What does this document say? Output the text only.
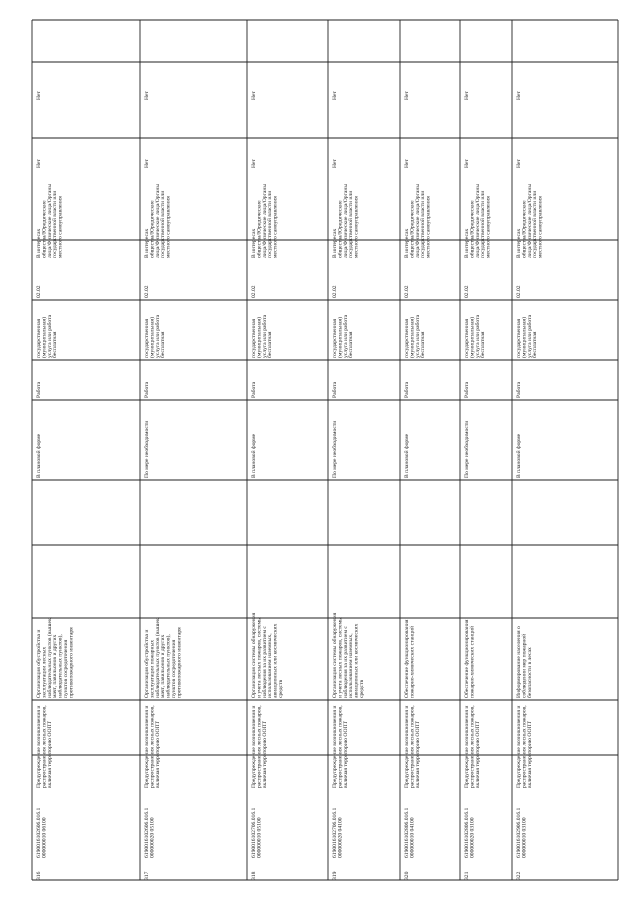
316
6190016102606.016.1 000000010 06100
Предупреждение возникновения и распространения лесных пожаров, включая территорию ООПТ
Организация обустройства и эксплуатации лесных наблюдательных пунктов (вышек, мачт, павильонов и других наблюдательных пунктов), пунктов сосредоточения противопожарного инвентаря
В плановой форме
Работа
государственная (муниципальная) услуга или работа бесплатная
02.02
В интересах общества/Юридические лица/Физические лица/Органы государственной власти или местного самоуправления
Нет
Нет
317
6190016102606.016.1 000000020 05100
Предупреждение возникновения и распространения лесных пожаров, включая территорию ООПТ
Организация обустройства и эксплуатации пожарных наблюдательных пунктов (вышек, мачт, павильонов и других наблюдательных пунктов), пунктов сосредоточения противопожарного инвентаря
По мере необходимости
Работа
государственная (муниципальная) услуга или работа бесплатная
02.02
В интересах общества/Юридические лица/Физические лица/Органы государственной власти или местного самоуправления
Нет
Нет
318
6190016102706.016.1 000000010 05100
Предупреждение возникновения и распространения лесных пожаров, включая территорию ООПТ
Организация системы обнаружения и учета лесных пожаров, системы наблюдения за их развитием с использованием наземных, авиационных или космических средств
В плановой форме
Работа
государственная (муниципальная) услуга или работа бесплатная
02.02
В интересах общества/Юридические лица/Физические лица/Органы государственной власти или местного самоуправления
Нет
Нет
319
6190016102706.016.1 000000020 04100
Предупреждение возникновения и распространения лесных пожаров, включая территорию ООПТ
Организация системы обнаружения и учета лесных пожаров, системы наблюдения за их развитием с использованием наземных, авиационных или космических средств
По мере необходимости
Работа
государственная (муниципальная) услуга или работа бесплатная
02.02
В интересах общества/Юридические лица/Физические лица/Органы государственной власти или местного самоуправления
Нет
Нет
320
6190016102806.016.1 000000010 04100
Предупреждение возникновения и распространения лесных пожаров, включая территорию ООПТ
Обеспечение функционирования пожарно-химических станций
В плановой форме
Работа
государственная (муниципальная) услуга или работа бесплатная
02.02
В интересах общества/Юридические лица/Физические лица/Органы государственной власти или местного самоуправления
Нет
Нет
321
6190016102806.016.1 000000020 03100
Предупреждение возникновения и распространения лесных пожаров, включая территорию ООПТ
Обеспечение функционирования пожарно-химических станций
По мере необходимости
Работа
государственная (муниципальная) услуга или работа бесплатная
02.02
В интересах общества/Юридические лица/Физические лица/Органы государственной власти или местного самоуправления
Нет
Нет
322
6190016102906.016.1 000000010 03100
Предупреждение возникновения и распространения лесных пожаров, включая территорию ООПТ
Информирование населения о соблюдении мер пожарной безопасности в лесах
В плановой форме
Работа
государственная (муниципальная) услуга или работа бесплатная
02.02
В интересах общества/Юридические лица/Физические лица/Органы государственной власти или местного самоуправления
Нет
Нет
